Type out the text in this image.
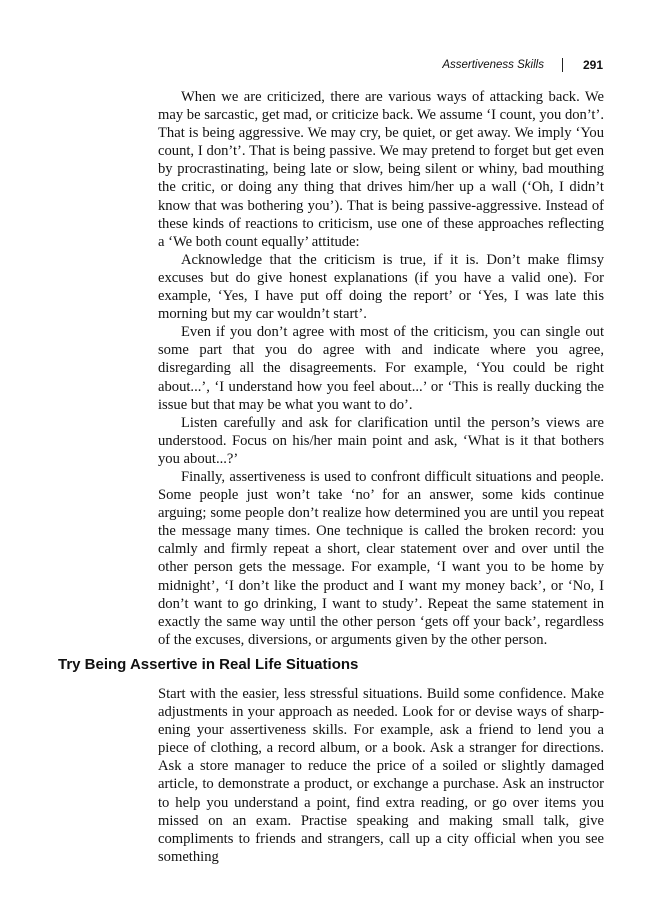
Assertiveness Skills	291

When we are criticized, there are various ways of attacking back. We may be sarcastic, get mad, or criticize back. We assume ‘I count, you don’t’. That is being aggressive. We may cry, be quiet, or get away. We imply ‘You count, I don’t’. That is being passive. We may pretend to forget but get even by procrastinating, being late or slow, being silent or whiny, bad mouthing the critic, or doing any thing that drives him/her up a wall (‘Oh, I didn’t know that was bothering you’). That is being passive-aggressive. Instead of these kinds of reactions to criticism, use one of these approaches reflecting a ‘We both count equally’ attitude:

Acknowledge that the criticism is true, if it is. Don’t make flimsy excuses but do give honest explanations (if you have a valid one). For example, ‘Yes, I have put off doing the report’ or ‘Yes, I was late this morning but my car wouldn’t start’.

Even if you don’t agree with most of the criticism, you can single out some part that you do agree with and indicate where you agree, disregarding all the disagreements. For example, ‘You could be right about...’, ‘I understand how you feel about...’ or ‘This is really ducking the issue but that may be what you want to do’.

Listen carefully and ask for clarification until the person’s views are understood. Focus on his/her main point and ask, ‘What is it that bothers you about...?’

Finally, assertiveness is used to confront difficult situations and people. Some people just won’t take ‘no’ for an answer, some kids continue arguing; some people don’t realize how determined you are until you repeat the message many times. One technique is called the broken record: you calmly and firmly repeat a short, clear statement over and over until the other person gets the message. For example, ‘I want you to be home by midnight’, ‘I don’t like the product and I want my money back’, or ‘No, I don’t want to go drinking, I want to study’. Repeat the same statement in exactly the same way until the other person ‘gets off your back’, regardless of the excuses, diversions, or arguments given by the other person.

Try Being Assertive in Real Life Situations

Start with the easier, less stressful situations. Build some confidence. Make adjustments in your approach as needed. Look for or devise ways of sharpening your assertiveness skills. For example, ask a friend to lend you a piece of clothing, a record album, or a book. Ask a stranger for directions. Ask a store manager to reduce the price of a soiled or slightly damaged article, to demonstrate a product, or exchange a purchase. Ask an instructor to help you understand a point, find extra reading, or go over items you missed on an exam. Practise speaking and making small talk, give compliments to friends and strangers, call up a city official when you see something
